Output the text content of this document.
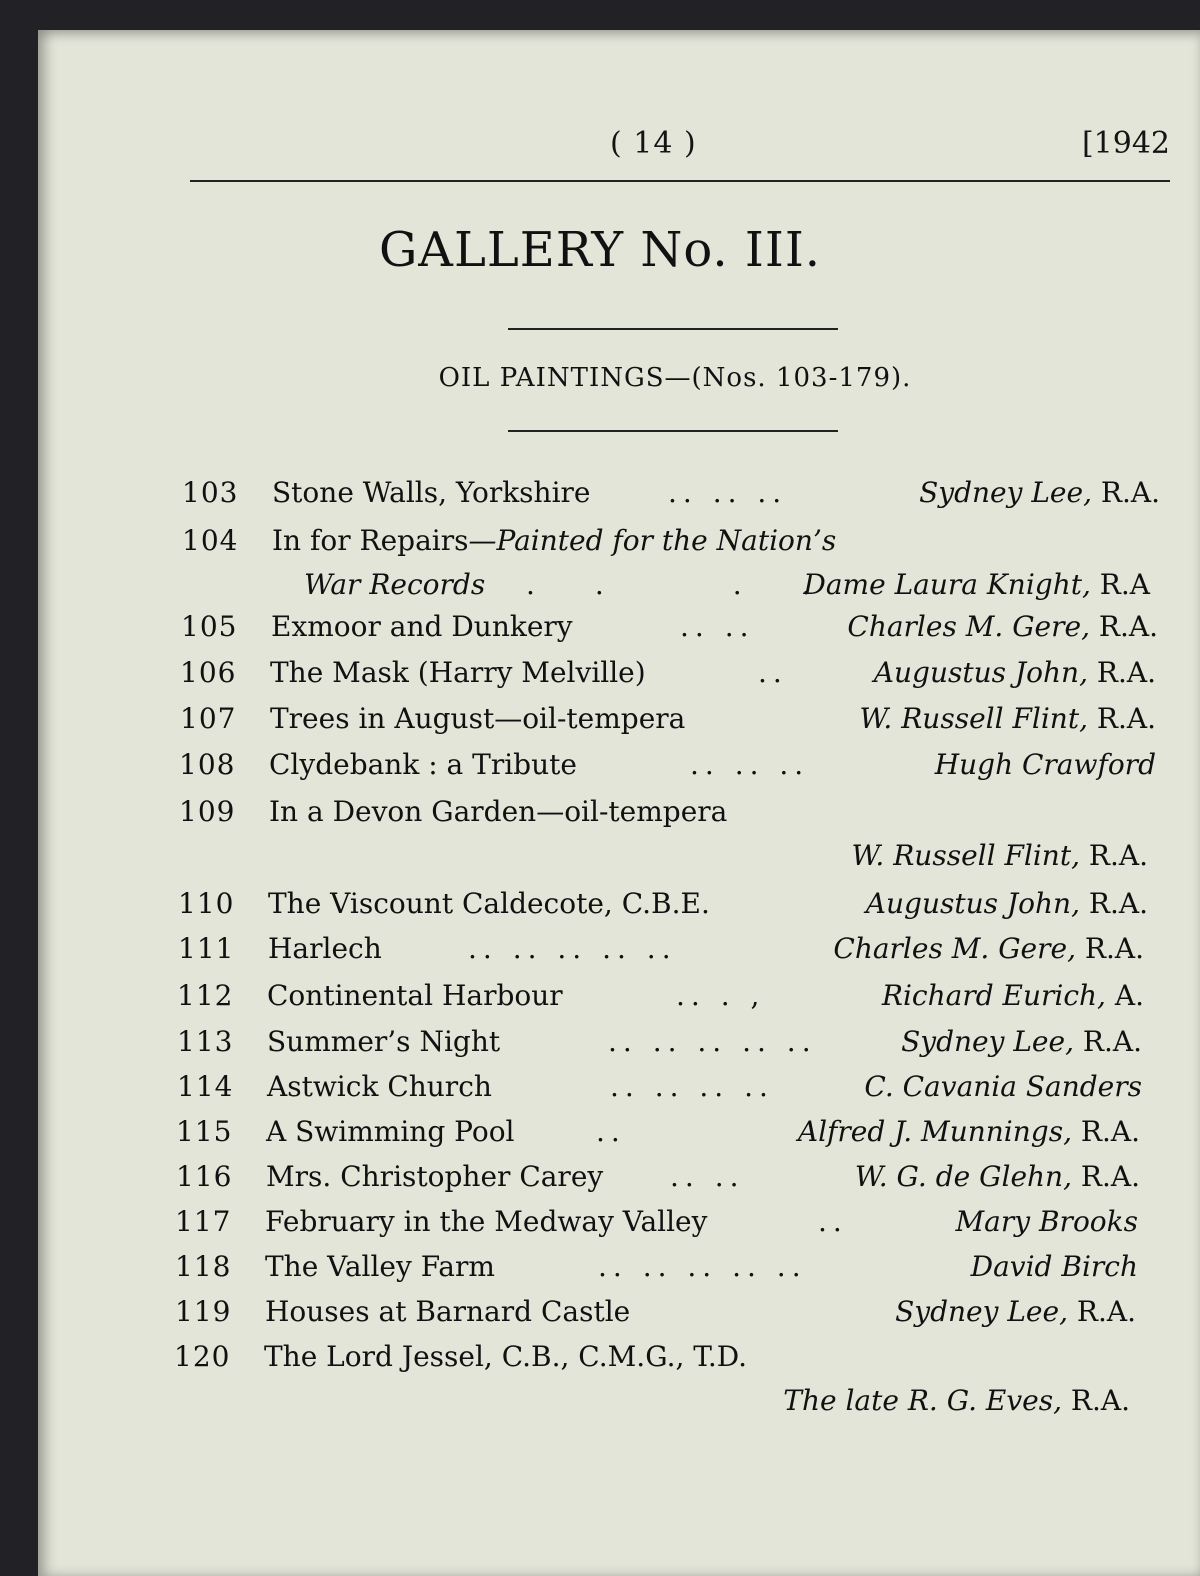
( 14 )	[1942
GALLERY No. III.
OIL PAINTINGS—(Nos. 103-179).
103 Stone Walls, Yorkshire	.. .. ..	Sydney Lee, R.A.
104 In for Repairs—Painted for the Nation’s
War Records .. ..
Dame Laura Knight, R.A
105 Exmoor and Dunkery	.. ..	Charles M. Gere, R.A.
106 The Mask (Harry Melville)	..	Augustus John, R.A.
107 Trees in August—oil-tempera	W. Russell Flint, R.A.
108 Clydebank : a Tribute	.. .. ..	Hugh Crawford
109 In a Devon Garden—oil-tempera
W. Russell Flint, R.A.
110 The Viscount Caldecote, C.B.E.	Augustus John, R.A.
111 Harlech	.. .. .. .. ..	Charles M. Gere, R.A.
112 Continental Harbour	.. . ,	Richard Eurich, A.
113 Summer’s Night	.. .. .. .. ..	Sydney Lee, R.A.
114 Astwick Church	.. .. .. ..	C. Cavania Sanders
115 A Swimming Pool	..	Alfred J. Munnings, R.A.
116 Mrs. Christopher Carey .. ..	W. G. de Glehn, R.A.
117 February in the Medway Valley	..	Mary Brooks
118 The Valley Farm	.. .. .. .. ..	David Birch
119 Houses at Barnard Castle	Sydney Lee, R.A.
120 The Lord Jessel, C.B., C.M.G., T.D.
The late R. G. Eves, R.A.
